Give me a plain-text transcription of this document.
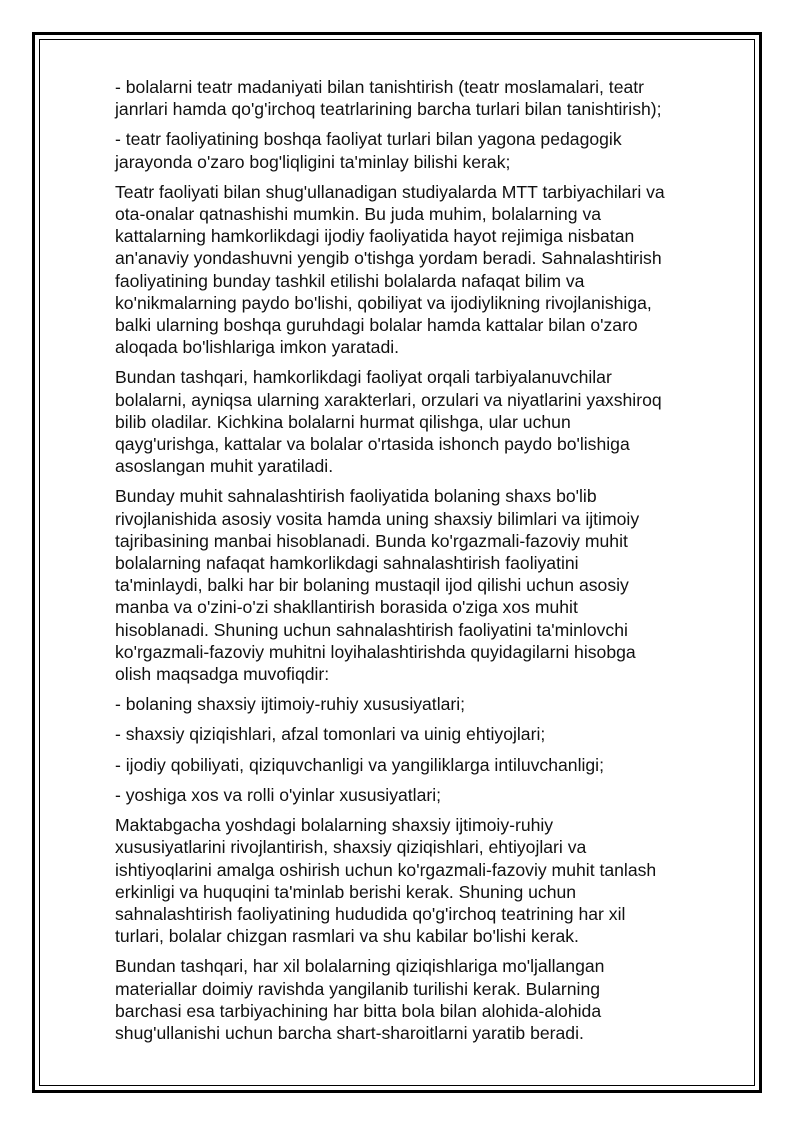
- bolalarni teatr madaniyati bilan tanishtirish (teatr moslamalari, teatr
janrlari hamda qo'g'irchoq teatrlarining barcha turlari bilan tanishtirish);

- teatr faoliyatining boshqa faoliyat turlari bilan yagona pedagogik
jarayonda o'zaro bog'liqligini ta'minlay bilishi kerak;

Teatr faoliyati bilan shug'ullanadigan studiyalarda MTT tarbiyachilari va
ota-onalar qatnashishi mumkin. Bu juda muhim, bolalarning va
kattalarning hamkorlikdagi ijodiy faoliyatida hayot rejimiga nisbatan
an'anaviy yondashuvni yengib o'tishga yordam beradi. Sahnalashtirish
faoliyatining bunday tashkil etilishi bolalarda nafaqat bilim va
ko'nikmalarning paydo bo'lishi, qobiliyat va ijodiylikning rivojlanishiga,
balki ularning boshqa guruhdagi bolalar hamda kattalar bilan o'zaro
aloqada bo'lishlariga imkon yaratadi.

Bundan tashqari, hamkorlikdagi faoliyat orqali tarbiyalanuvchilar
bolalarni, ayniqsa ularning xarakterlari, orzulari va niyatlarini yaxshiroq
bilib oladilar. Kichkina bolalarni hurmat qilishga, ular uchun
qayg'urishga, kattalar va bolalar o'rtasida ishonch paydo bo'lishiga
asoslangan muhit yaratiladi.

Bunday muhit sahnalashtirish faoliyatida bolaning shaxs bo'lib
rivojlanishida asosiy vosita hamda uning shaxsiy bilimlari va ijtimoiy
tajribasining manbai hisoblanadi. Bunda ko'rgazmali-fazoviy muhit
bolalarning nafaqat hamkorlikdagi sahnalashtirish faoliyatini
ta'minlaydi, balki har bir bolaning mustaqil ijod qilishi uchun asosiy
manba va o'zini-o'zi shakllantirish borasida o'ziga xos muhit
hisoblanadi. Shuning uchun sahnalashtirish faoliyatini ta'minlovchi
ko'rgazmali-fazoviy muhitni loyihalashtirishda quyidagilarni hisobga
olish maqsadga muvofiqdir:

- bolaning shaxsiy ijtimoiy-ruhiy xususiyatlari;

- shaxsiy qiziqishlari, afzal tomonlari va uinig ehtiyojlari;

- ijodiy qobiliyati, qiziquvchanligi va yangiliklarga intiluvchanligi;

- yoshiga xos va rolli o'yinlar xususiyatlari;

Maktabgacha yoshdagi bolalarning shaxsiy ijtimoiy-ruhiy
xususiyatlarini rivojlantirish, shaxsiy qiziqishlari, ehtiyojlari va
ishtiyoqlarini amalga oshirish uchun ko'rgazmali-fazoviy muhit tanlash
erkinligi va huquqini ta'minlab berishi kerak. Shuning uchun
sahnalashtirish faoliyatining hududida qo'g'irchoq teatrining har xil
turlari, bolalar chizgan rasmlari va shu kabilar bo'lishi kerak.

Bundan tashqari, har xil bolalarning qiziqishlariga mo'ljallangan
materiallar doimiy ravishda yangilanib turilishi kerak. Bularning
barchasi esa tarbiyachining har bitta bola bilan alohida-alohida
shug'ullanishi uchun barcha shart-sharoitlarni yaratib beradi.
